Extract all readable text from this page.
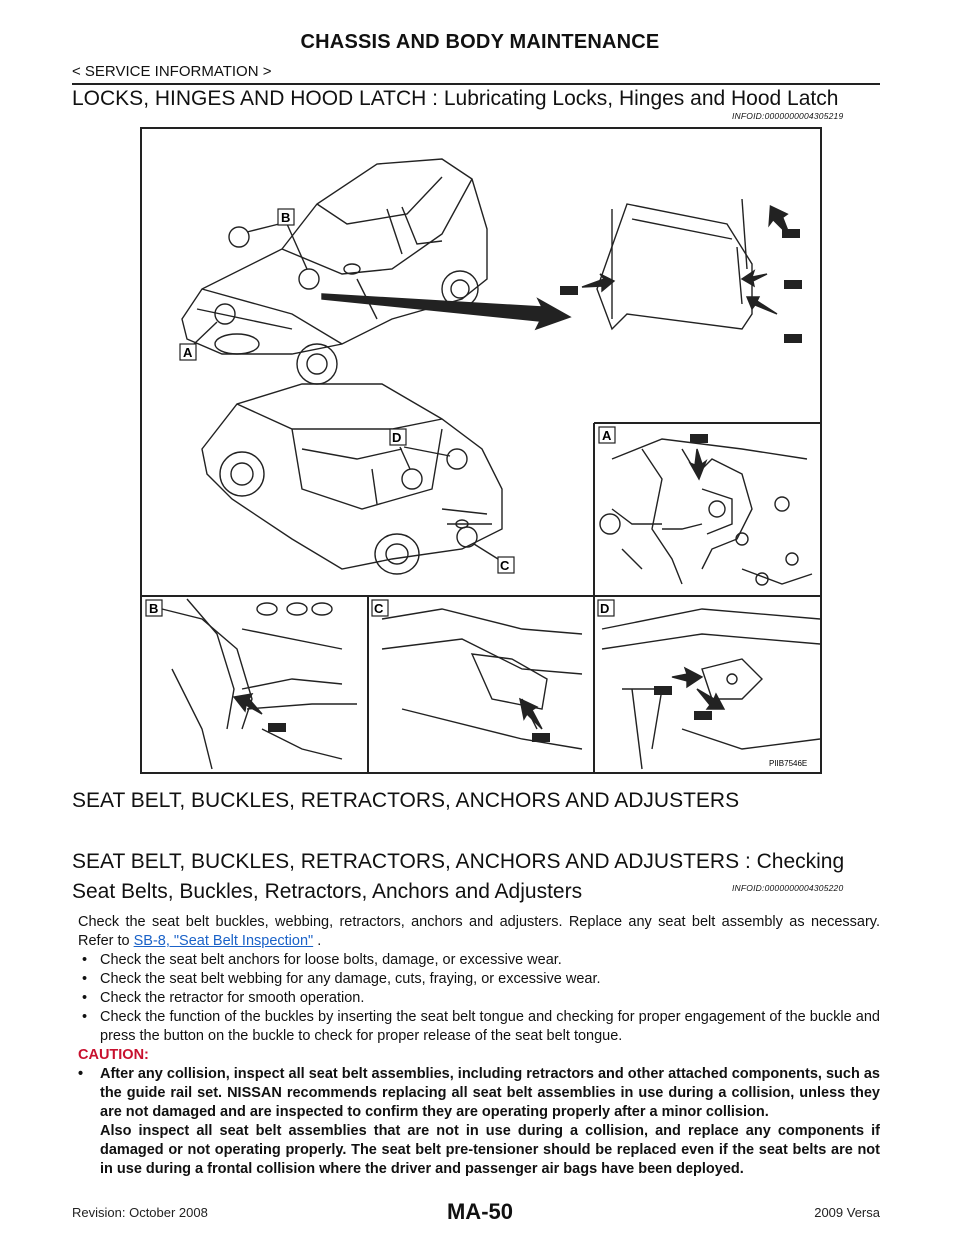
CHASSIS AND BODY MAINTENANCE
< SERVICE INFORMATION >
LOCKS, HINGES AND HOOD LATCH : Lubricating Locks, Hinges and Hood Latch
INFOID:0000000004305219
B
A
D
C
A
B	C	D
PIIB7546E
SEAT BELT, BUCKLES, RETRACTORS, ANCHORS AND ADJUSTERS
SEAT BELT, BUCKLES, RETRACTORS, ANCHORS AND ADJUSTERS : Checking
Seat Belts, Buckles, Retractors, Anchors and Adjusters	INFOID:0000000004305220

Check the seat belt buckles, webbing, retractors, anchors and adjusters. Replace any seat belt assembly as necessary. Refer to SB-8, "Seat Belt Inspection" .

• Check the seat belt anchors for loose bolts, damage, or excessive wear.
• Check the seat belt webbing for any damage, cuts, fraying, or excessive wear.
• Check the retractor for smooth operation.
• Check the function of the buckles by inserting the seat belt tongue and checking for proper engagement of the buckle and press the button on the buckle to check for proper release of the seat belt tongue.

CAUTION:

• After any collision, inspect all seat belt assemblies, including retractors and other attached components, such as the guide rail set. NISSAN recommends replacing all seat belt assemblies in use during a collision, unless they are not damaged and are inspected to confirm they are operating properly after a minor collision.

Also inspect all seat belt assemblies that are not in use during a collision, and replace any components if damaged or not operating properly. The seat belt pre-tensioner should be replaced even if the seat belts are not in use during a frontal collision where the driver and passenger air bags have been deployed.

Revision: October 2008	MA-50	2009 Versa
